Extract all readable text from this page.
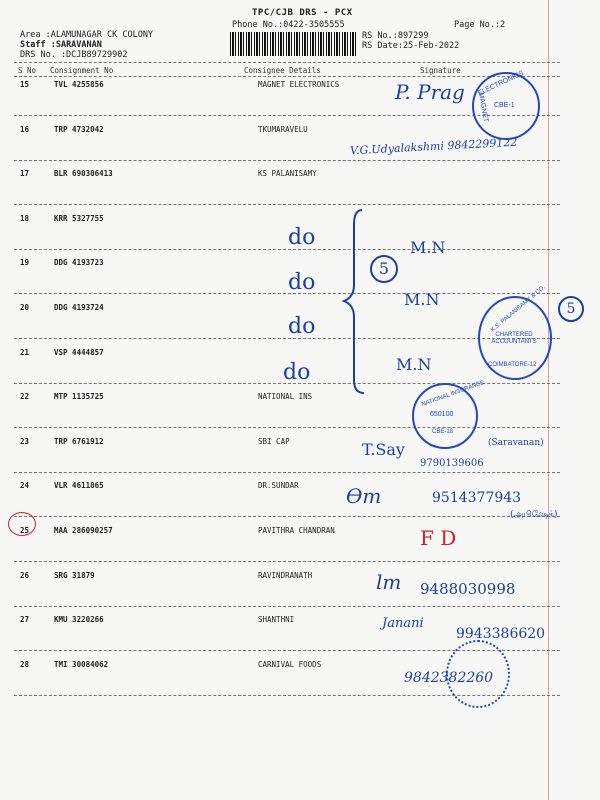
TPC/CJB DRS - PCX
Phone No.:0422-3505555	Page No.:2
Area :ALAMUNAGAR CK COLONY
Staff :SARAVANAN
DRS No. :DCJB89729902
RS No.:897299
RS Date:25-Feb-2022
S No Consignment No	Consignee Details	Signature
15	TVL 4255856	MAGNET ELECTRONICS
16	TRP 4732042	TKUMARAVELU
17	BLR 690306413	KS PALANISAMY
18	KRR 5327755
19	DDG 4193723
20	DDG 4193724
21	VSP 4444857
22	MTP 1135725	NATIONAL INS
23	TRP 6761912	SBI CAP
24	VLR 4611065	DR.SUNDAR
25	MAA 286090257	PAVITHRA CHANDRAN
26	SRG 31879	RAVINDRANATH
27	KMU 3220266	SHANTHNI
28	TMI 30084062	CARNIVAL FOODS
P. Prag
V.G.Udyalakshmi 9842299122
do
do
do
do
5
M.N
M.N
M.N
5
ELECTRONICS
MAGNET CBE-1
K.S. PALANISAMY & CO.
CHARTERED ACCOUNTANTS
COIMBATORE-12
NATIONAL INSURANCE
650100
CBE-18
T.Say	(Saravanan)
9790139606
Ѳm	9514377943
(அபிஷேக்)
F D
lm 9488030998
Janani
9943386620
9842382260
